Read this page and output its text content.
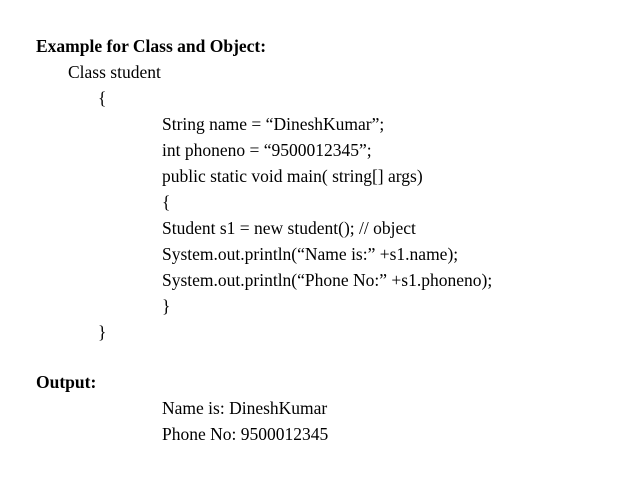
Example for Class and Object:
Class student
{
String name = “DineshKumar”;
int phoneno = “9500012345”;
public static void main( string[] args)
{
Student s1 = new student(); // object
System.out.println(“Name is:” +s1.name);
System.out.println(“Phone No:” +s1.phoneno);
}
}
Output:
Name is: DineshKumar
Phone No: 9500012345
